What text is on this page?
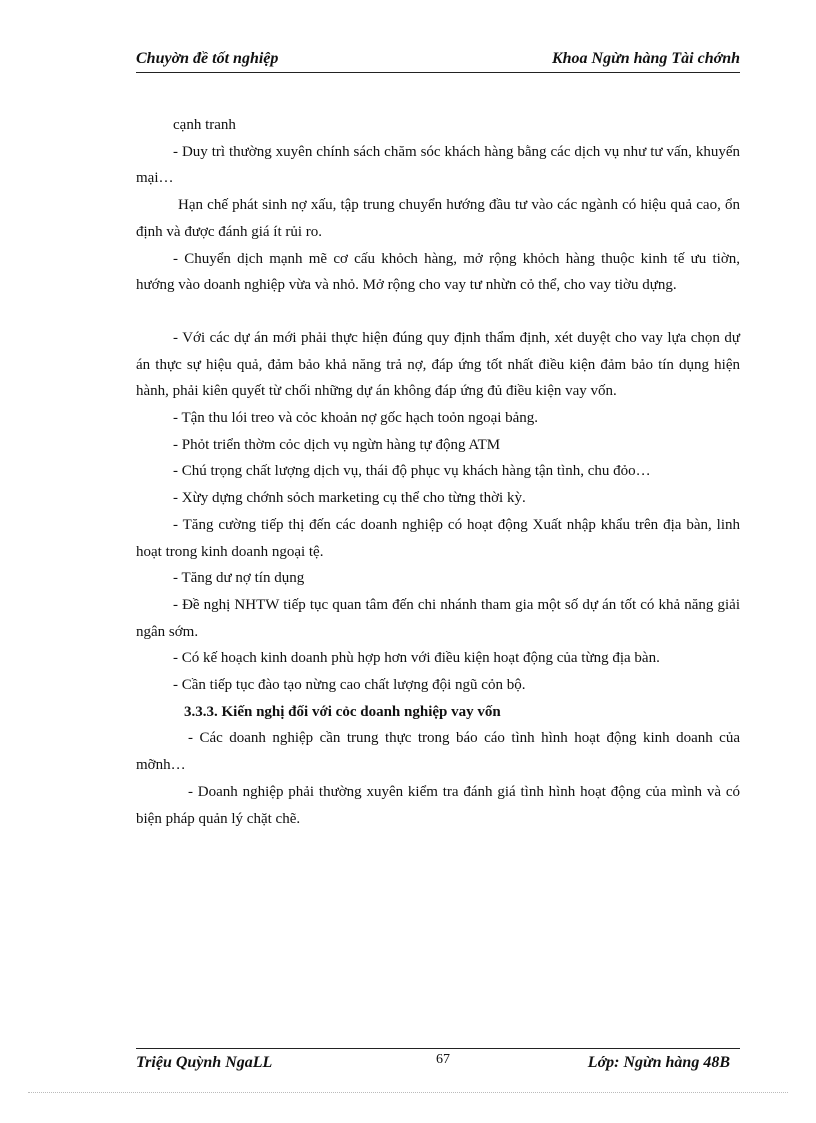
Chuyờn đề tốt nghiệp	Khoa Ngừn hàng Tài chớnh

cạnh tranh

- Duy trì thường xuyên chính sách chăm sóc khách hàng bằng các dịch vụ như tư vấn, khuyến mại…

Hạn chế phát sinh nợ xấu, tập trung chuyển hướng đầu tư vào các ngành có hiệu quả cao, ổn định và được đánh giá ít rủi ro.

- Chuyển dịch mạnh mẽ cơ cấu khỏch hàng, mở rộng khỏch hàng thuộc kinh tế ưu tiờn, hướng vào doanh nghiệp vừa và nhỏ. Mở rộng cho vay tư nhừn cỏ thể, cho vay tiờu dựng.

- Với các dự án mới phải thực hiện đúng quy định thẩm định, xét duyệt cho vay lựa chọn dự án thực sự hiệu quả, đảm bảo khả năng trả nợ, đáp ứng tốt nhất điều kiện đảm bảo tín dụng hiện hành, phải kiên quyết từ chối những dự án không đáp ứng đủ điều kiện vay vốn.

- Tận thu lói treo và cỏc khoản nợ gốc hạch toỏn ngoại bảng.

- Phỏt triển thờm cỏc dịch vụ ngừn hàng tự động ATM

- Chú trọng chất lượng dịch vụ, thái độ phục vụ khách hàng tận tình, chu đỏo…

- Xừy dựng chớnh sỏch marketing cụ thể cho từng thời kỳ.

- Tăng cường tiếp thị đến các doanh nghiệp có hoạt động Xuất nhập khẩu trên địa bàn, linh hoạt trong kinh doanh ngoại tệ.

- Tăng dư nợ tín dụng

- Đề nghị NHTW tiếp tục quan tâm đến chi nhánh tham gia một số dự án tốt có khả năng giải ngân sớm.

- Có kế hoạch kinh doanh phù hợp hơn với điều kiện hoạt động của từng địa bàn.

- Cần tiếp tục đào tạo nừng cao chất lượng đội ngũ cỏn bộ.

3.3.3. Kiến nghị đối với cỏc doanh nghiệp vay vốn

- Các doanh nghiệp cần trung thực trong báo cáo tình hình hoạt động kinh doanh của mỡnh…

- Doanh nghiệp phải thường xuyên kiểm tra đánh giá tình hình hoạt động của mình và có biện pháp quản lý chặt chẽ.

Triệu Quỳnh NgaLL	67	Lớp: Ngừn hàng 48B
